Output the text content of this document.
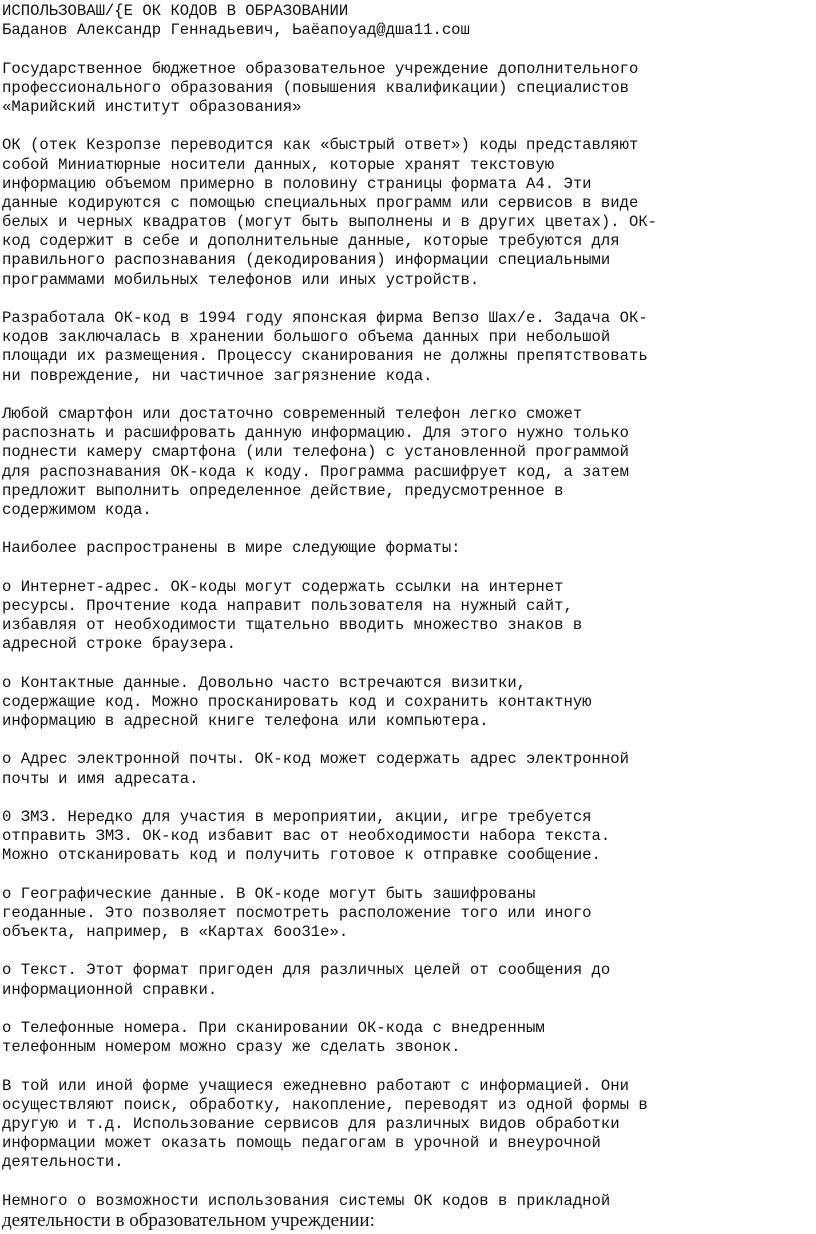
ИСПОЛЬЗОВАШ/{Е ОК КОДОВ В ОБРАЗОВАНИИ
Баданов Александр Геннадьевич, Ьаёапоуад@дша11.сош
Государственное бюджетное образовательное учреждение дополнительного
профессионального образования (повышения квалификации) специалистов
«Марийский институт образования»
ОК (отек Кезропзе переводится как «быстрый ответ») коды представляют
собой Миниатюрные носители данных, которые хранят текстовую
информацию объемом примерно в половину страницы формата А4. Эти
данные кодируются с помощью специальных программ или сервисов в виде
белых и черных квадратов (могут быть выполнены и в других цветах). ОК-
код содержит в себе и дополнительные данные, которые требуются для
правильного распознавания (декодирования) информации специальными
программами мобильных телефонов или иных устройств.
Разработала ОК-код в 1994 году японская фирма Вепзо Шах/е. Задача ОК-
кодов заключалась в хранении большого объема данных при небольшой
площади их размещения. Процессу сканирования не должны препятствовать
ни повреждение, ни частичное загрязнение кода.
Любой смартфон или достаточно современный телефон легко сможет
распознать и расшифровать данную информацию. Для этого нужно только
поднести камеру смартфона (или телефона) с установленной программой
для распознавания ОК-кода к коду. Программа расшифрует код, а затем
предложит выполнить определенное действие, предусмотренное в
содержимом кода.
Наиболее распространены в мире следующие форматы:
о Интернет-адрес. ОК-коды могут содержать ссылки на интернет
ресурсы. Прочтение кода направит пользователя на нужный сайт,
избавляя от необходимости тщательно вводить множество знаков в
адресной строке браузера.
о Контактные данные. Довольно часто встречаются визитки,
содержащие код. Можно просканировать код и сохранить контактную
информацию в адресной книге телефона или компьютера.
о Адрес электронной почты. ОК-код может содержать адрес электронной
почты и имя адресата.
0 ЗМЗ. Нередко для участия в мероприятии, акции, игре требуется
отправить ЗМЗ. ОК-код избавит вас от необходимости набора текста.
Можно отсканировать код и получить готовое к отправке сообщение.
о Географические данные. В ОК-коде могут быть зашифрованы
геоданные. Это позволяет посмотреть расположение того или иного
объекта, например, в «Картах 6оо31е».
о Текст. Этот формат пригоден для различных целей от сообщения до
информационной справки.
о Телефонные номера. При сканировании ОК-кода с внедренным
телефонным номером можно сразу же сделать звонок.
В той или иной форме учащиеся ежедневно работают с информацией. Они
осуществляют поиск, обработку, накопление, переводят из одной формы в
другую и т.д. Использование сервисов для различных видов обработки
информации может оказать помощь педагогам в урочной и внеурочной
деятельности.
Немного о возможности использования системы ОК кодов в прикладной
деятельности в образовательном учреждении:
